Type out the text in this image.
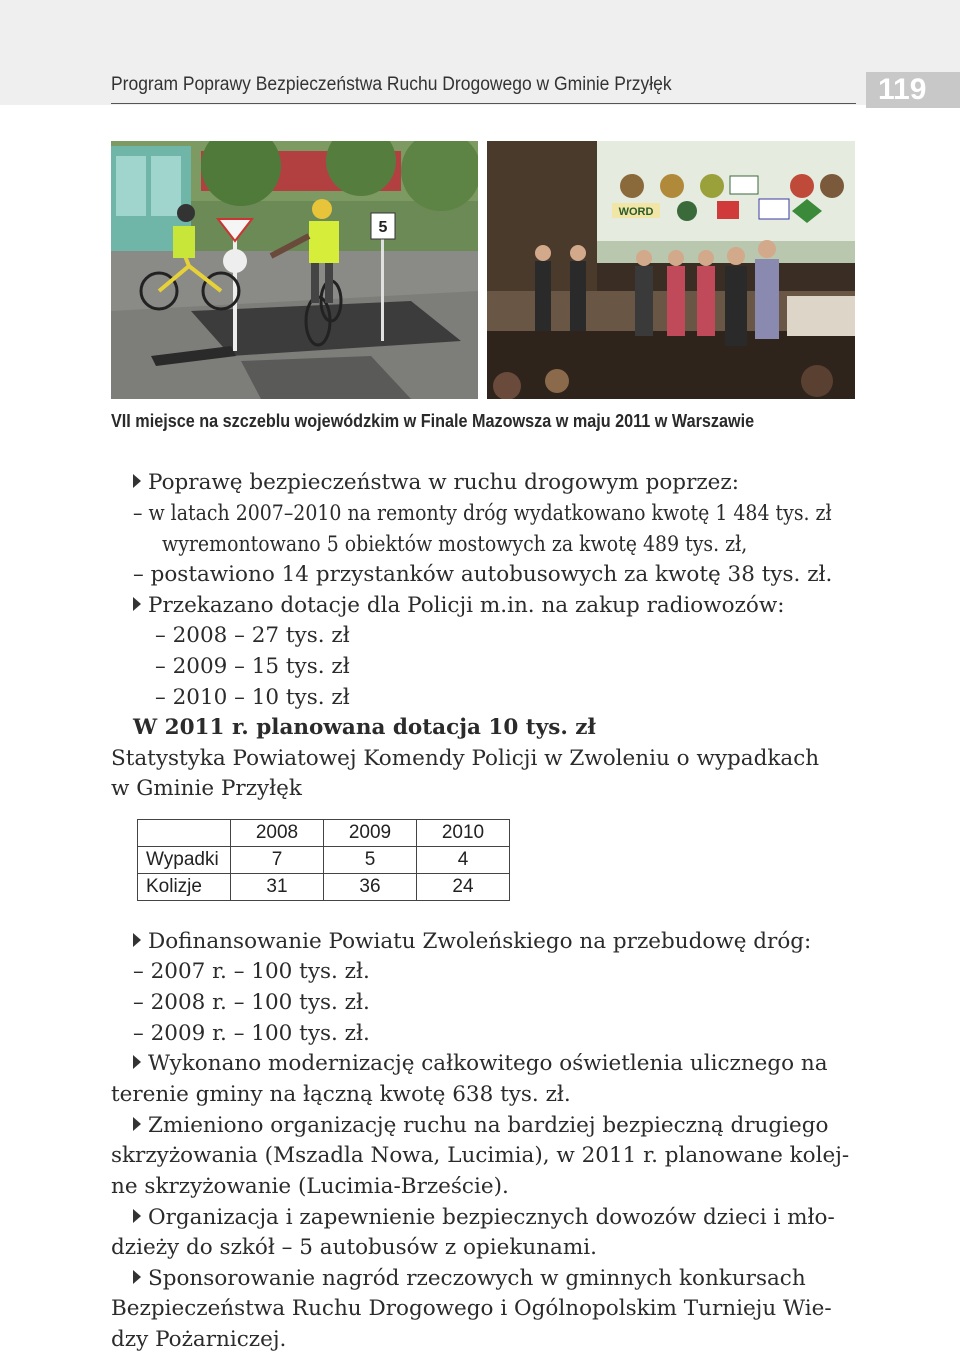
Program Poprawy Bezpieczeństwa Ruchu Drogowego w Gminie Przyłęk	119
5
WORD
VII miejsce na szczeblu wojewódzkim w Finale Mazowsza w maju 2011 w Warszawie
Poprawę bezpieczeństwa w ruchu drogowym poprzez:
– w latach 2007–2010 na remonty dróg wydatkowano kwotę 1 484 tys. zł
wyremontowano 5 obiektów mostowych za kwotę 489 tys. zł,
– postawiono 14 przystanków autobusowych za kwotę 38 tys. zł.
Przekazano dotacje dla Policji m.in. na zakup radiowozów:
– 2008 – 27 tys. zł
– 2009 – 15 tys. zł
– 2010 – 10 tys. zł
W 2011 r. planowana dotacja 10 tys. zł
Statystyka Powiatowej Komendy Policji w Zwoleniu o wypadkach
w Gminie Przyłęk
	2008	2009	2010
Wypadki	7	5	4
Kolizje	31	36	24
Dofinansowanie Powiatu Zwoleńskiego na przebudowę dróg:
– 2007 r. – 100 tys. zł.
– 2008 r. – 100 tys. zł.
– 2009 r. – 100 tys. zł.
Wykonano modernizację całkowitego oświetlenia ulicznego na
terenie gminy na łączną kwotę 638 tys. zł.
Zmieniono organizację ruchu na bardziej bezpieczną drugiego
skrzyżowania (Mszadla Nowa, Lucimia), w 2011 r. planowane kolej-
ne skrzyżowanie (Lucimia-Brzeście).
Organizacja i zapewnienie bezpiecznych dowozów dzieci i mło-
dzieży do szkół – 5 autobusów z opiekunami.
Sponsorowanie nagród rzeczowych w gminnych konkursach
Bezpieczeństwa Ruchu Drogowego i Ogólnopolskim Turnieju Wie-
dzy Pożarniczej.
